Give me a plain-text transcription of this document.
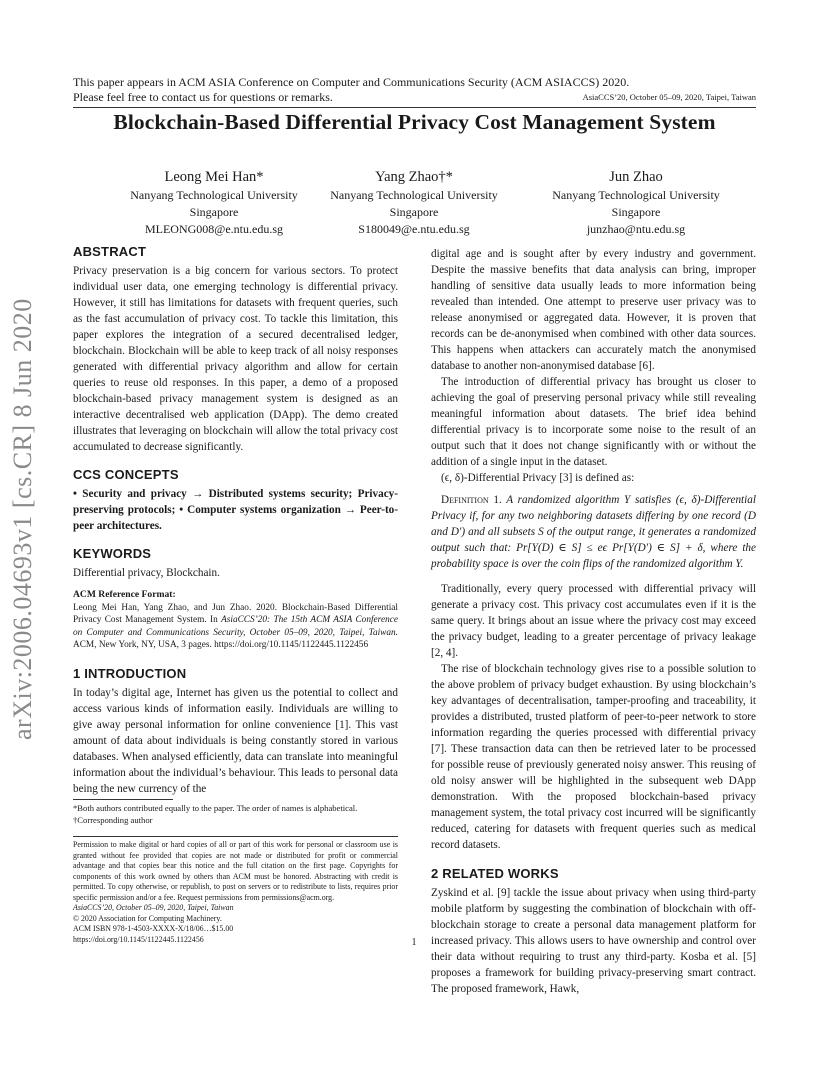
This paper appears in ACM ASIA Conference on Computer and Communications Security (ACM ASIACCS) 2020.
Please feel free to contact us for questions or remarks.	AsiaCCS’20, October 05–09, 2020, Taipei, Taiwan
Blockchain-Based Differential Privacy Cost Management System
Leong Mei Han*
Nanyang Technological University
Singapore
MLEONG008@e.ntu.edu.sg
Yang Zhao†*
Nanyang Technological University
Singapore
S180049@e.ntu.edu.sg
Jun Zhao
Nanyang Technological University
Singapore
junzhao@ntu.edu.sg
arXiv:2006.04693v1 [cs.CR] 8 Jun 2020
ABSTRACT

Privacy preservation is a big concern for various sectors. To protect individual user data, one emerging technology is differential privacy. However, it still has limitations for datasets with frequent queries, such as the fast accumulation of privacy cost. To tackle this limitation, this paper explores the integration of a secured decentralised ledger, blockchain. Blockchain will be able to keep track of all noisy responses generated with differential privacy algorithm and allow for certain queries to reuse old responses. In this paper, a demo of a proposed blockchain-based privacy management system is designed as an interactive decentralised web application (DApp). The demo created illustrates that leveraging on blockchain will allow the total privacy cost accumulated to decrease significantly.

CCS CONCEPTS

• Security and privacy → Distributed systems security; Privacy-preserving protocols; • Computer systems organization → Peer-to-peer architectures.

KEYWORDS

Differential privacy, Blockchain.

ACM Reference Format:
Leong Mei Han, Yang Zhao, and Jun Zhao. 2020. Blockchain-Based Differential Privacy Cost Management System. In AsiaCCS’20: The 15th ACM ASIA Conference on Computer and Communications Security, October 05–09, 2020, Taipei, Taiwan. ACM, New York, NY, USA, 3 pages. https://doi.org/10.1145/1122445.1122456
1 INTRODUCTION

In today’s digital age, Internet has given us the potential to collect and access various kinds of information easily. Individuals are willing to give away personal information for online convenience [1]. This vast amount of data about individuals is being constantly stored in various databases. When analysed efficiently, data can translate into meaningful information about the individual’s behaviour. This leads to personal data being the new currency of the

*Both authors contributed equally to the paper. The order of names is alphabetical.
†Corresponding author
Permission to make digital or hard copies of all or part of this work for personal or classroom use is granted without fee provided that copies are not made or distributed for profit or commercial advantage and that copies bear this notice and the full citation on the first page. Copyrights for components of this work owned by others than ACM must be honored. Abstracting with credit is permitted. To copy otherwise, or republish, to post on servers or to redistribute to lists, requires prior specific permission and/or a fee. Request permissions from permissions@acm.org.
AsiaCCS’20, October 05–09, 2020, Taipei, Taiwan
© 2020 Association for Computing Machinery.
ACM ISBN 978-1-4503-XXXX-X/18/06…$15.00
https://doi.org/10.1145/1122445.1122456

digital age and is sought after by every industry and government. Despite the massive benefits that data analysis can bring, improper handling of sensitive data usually leads to more information being revealed than intended. One attempt to preserve user privacy was to release anonymised or aggregated data. However, it is proven that records can be de-anonymised when combined with other data sources. This happens when attackers can accurately match the anonymised database to another non-anonymised database [6].

The introduction of differential privacy has brought us closer to achieving the goal of preserving personal privacy while still revealing meaningful information about datasets. The brief idea behind differential privacy is to incorporate some noise to the result of an output such that it does not change significantly with or without the addition of a single input in the dataset.

(ϵ, δ)-Differential Privacy [3] is defined as:

Definition 1. A randomized algorithm Y satisfies (ϵ, δ)-Differential Privacy if, for any two neighboring datasets differing by one record (D and D′) and all subsets S of the output range, it generates a randomized output such that: Pr[Y(D) ∈ S] ≤ eϵ Pr[Y(D′) ∈ S] + δ, where the probability space is over the coin flips of the randomized algorithm Y.

Traditionally, every query processed with differential privacy will generate a privacy cost. This privacy cost accumulates even if it is the same query. It brings about an issue where the privacy cost may exceed the privacy budget, leading to a greater percentage of privacy leakage [2, 4].

The rise of blockchain technology gives rise to a possible solution to the above problem of privacy budget exhaustion. By using blockchain’s key advantages of decentralisation, tamper-proofing and traceability, it provides a distributed, trusted platform of peer-to-peer network to store information regarding the queries processed with differential privacy [7]. These transaction data can then be retrieved later to be processed for possible reuse of previously generated noisy answer. This reusing of old noisy answer will be highlighted in the subsequent web DApp demonstration. With the proposed blockchain-based privacy management system, the total privacy cost incurred will be significantly reduced, catering for datasets with frequent queries such as medical record datasets.

2 RELATED WORKS

Zyskind et al. [9] tackle the issue about privacy when using third-party mobile platform by suggesting the combination of blockchain with off-blockchain storage to create a personal data management platform for increased privacy. This allows users to have ownership and control over their data without requiring to trust any third-party. Kosba et al. [5] proposes a framework for building privacy-preserving smart contract. The proposed framework, Hawk,

1
